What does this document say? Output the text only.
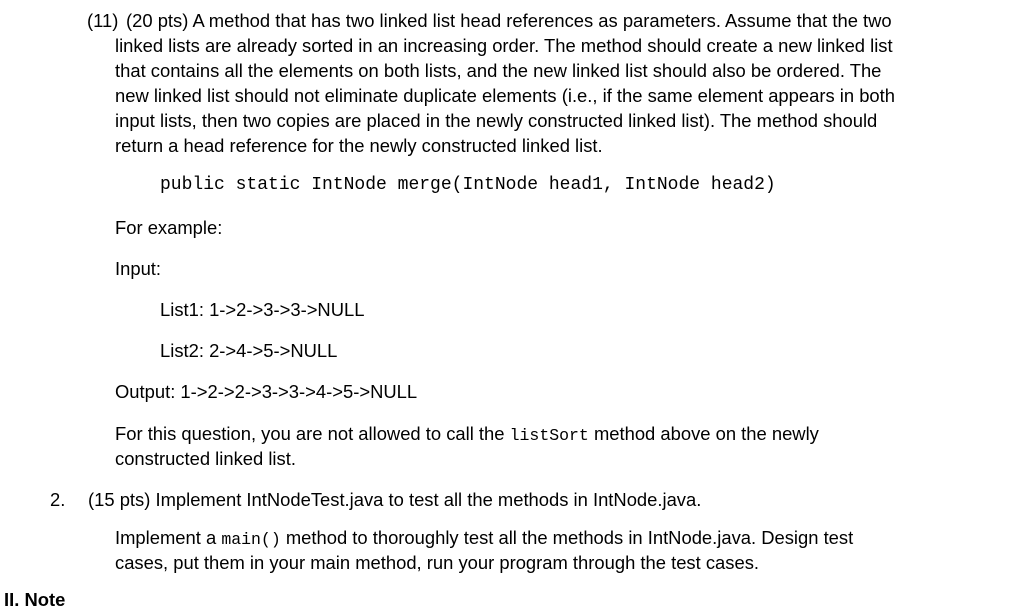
(11) (20 pts) A method that has two linked list head references as parameters. Assume that the two
linked lists are already sorted in an increasing order. The method should create a new linked list
that contains all the elements on both lists, and the new linked list should also be ordered. The
new linked list should not eliminate duplicate elements (i.e., if the same element appears in both
input lists, then two copies are placed in the newly constructed linked list). The method should
return a head reference for the newly constructed linked list.
public static IntNode merge(IntNode head1, IntNode head2)
For example:
Input:
List1: 1->2->3->3->NULL
List2: 2->4->5->NULL
Output: 1->2->2->3->3->4->5->NULL
For this question, you are not allowed to call the listSort method above on the newly
constructed linked list.
2. (15 pts) Implement IntNodeTest.java to test all the methods in IntNode.java.
Implement a main() method to thoroughly test all the methods in IntNode.java. Design test
cases, put them in your main method, run your program through the test cases.
II. Note
